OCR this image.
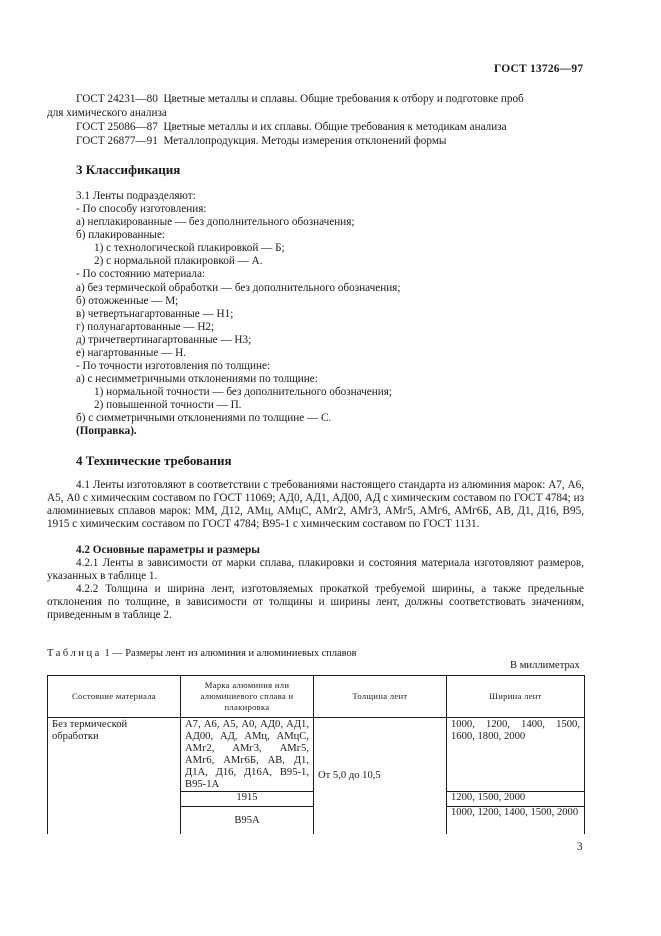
ГОСТ 13726—97
ГОСТ 24231—80 Цветные металлы и сплавы. Общие требования к отбору и подготовке проб
для химического анализа
ГОСТ 25086—87 Цветные металлы и их сплавы. Общие требования к методикам анализа
ГОСТ 26877—91 Металлопродукция. Методы измерения отклонений формы
3 Классификация
3.1 Ленты подразделяют:
- По способу изготовления:
а) неплакированные — без дополнительного обозначения;
б) плакированные:
1) с технологической плакировкой — Б;
2) с нормальной плакировкой — А.
- По состоянию материала:
а) без термической обработки — без дополнительного обозначения;
б) отожженные — М;
в) четвертьнагартованные — Н1;
г) полунагартованные — Н2;
д) тричетвертинагартованные — Н3;
е) нагартованные — Н.
- По точности изготовления по толщине:
а) с несимметричными отклонениями по толщине:
1) нормальной точности — без дополнительного обозначения;
2) повышенной точности — П.
б) с симметричными отклонениями по толщине — С.
(Поправка).
4 Технические требования
4.1 Ленты изготовляют в соответствии с требованиями настоящего стандарта из алюминия марок: А7, А6, А5, А0 с химическим составом по ГОСТ 11069; АД0, АД1, АД00, АД с химическим составом по ГОСТ 4784; из алюминиевых сплавов марок: ММ, Д12, АМц, АМцС, АМг2, АМг3, АМг5, АМг6, АМг6Б, АВ, Д1, Д16, В95, 1915 с химическим составом по ГОСТ 4784; В95-1 с химическим составом по ГОСТ 1131.
4.2 Основные параметры и размеры
4.2.1 Ленты в зависимости от марки сплава, плакировки и состояния материала изготовляют размеров, указанных в таблице 1.
4.2.2 Толщина и ширина лент, изготовляемых прокаткой требуемой ширины, а также предельные отклонения по толщине, в зависимости от толщины и ширины лент, должны соответствовать значениям, приведенным в таблице 2.
Таблица 1 — Размеры лент из алюминия и алюминиевых сплавов
В миллиметрах
Состояние материала	Марка алюминия или алюминиевого сплава и плакировка	Толщина лент	Ширина лент
Без термической обработки	А7, А6, А5, А0, АД0, АД1, АД00, АД, АМц, АМцС, АМг2, АМг3, АМг5, АМг6, АМг6Б, АВ, Д1, Д1А, Д16, Д16А, В95-1, В95-1А	От 5,0 до 10,5	1000, 1200, 1400, 1500, 1600, 1800, 2000
	1915		1200, 1500, 2000
	В95А		1000, 1200, 1400, 1500, 2000
3
